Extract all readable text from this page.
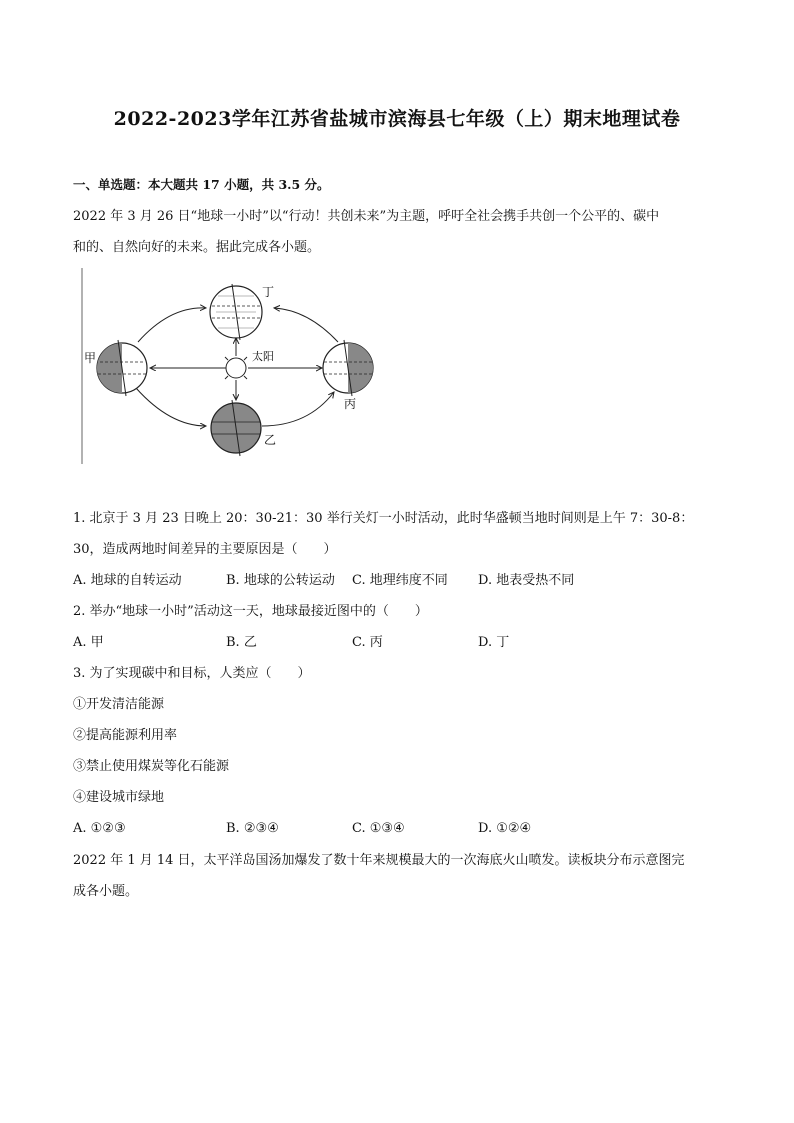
2022-2023学年江苏省盐城市滨海县七年级（上）期末地理试卷
一、单选题：本大题共 17 小题，共 3.5 分。
2022 年 3 月 26 日“地球一小时”以“行动！共创未来”为主题，呼吁全社会携手共创一个公平的、碳中
和的、自然向好的未来。据此完成各小题。
太阳
甲
乙
丙
丁
1. 北京于 3 月 23 日晚上 20：30-21：30 举行关灯一小时活动，此时华盛顿当地时间则是上午 7：30-8：
30，造成两地时间差异的主要原因是（　　）
A. 地球的自转运动	B. 地球的公转运动 C. 地理纬度不同 D. 地表受热不同
2. 举办“地球一小时”活动这一天，地球最接近图中的（　　）
A. 甲	B. 乙	C. 丙	D. 丁
3. 为了实现碳中和目标，人类应（　　）
①开发清洁能源
②提高能源利用率
③禁止使用煤炭等化石能源
④建设城市绿地
A. ①②③	B. ②③④	C. ①③④	D. ①②④
2022 年 1 月 14 日，太平洋岛国汤加爆发了数十年来规模最大的一次海底火山喷发。读板块分布示意图完
成各小题。
